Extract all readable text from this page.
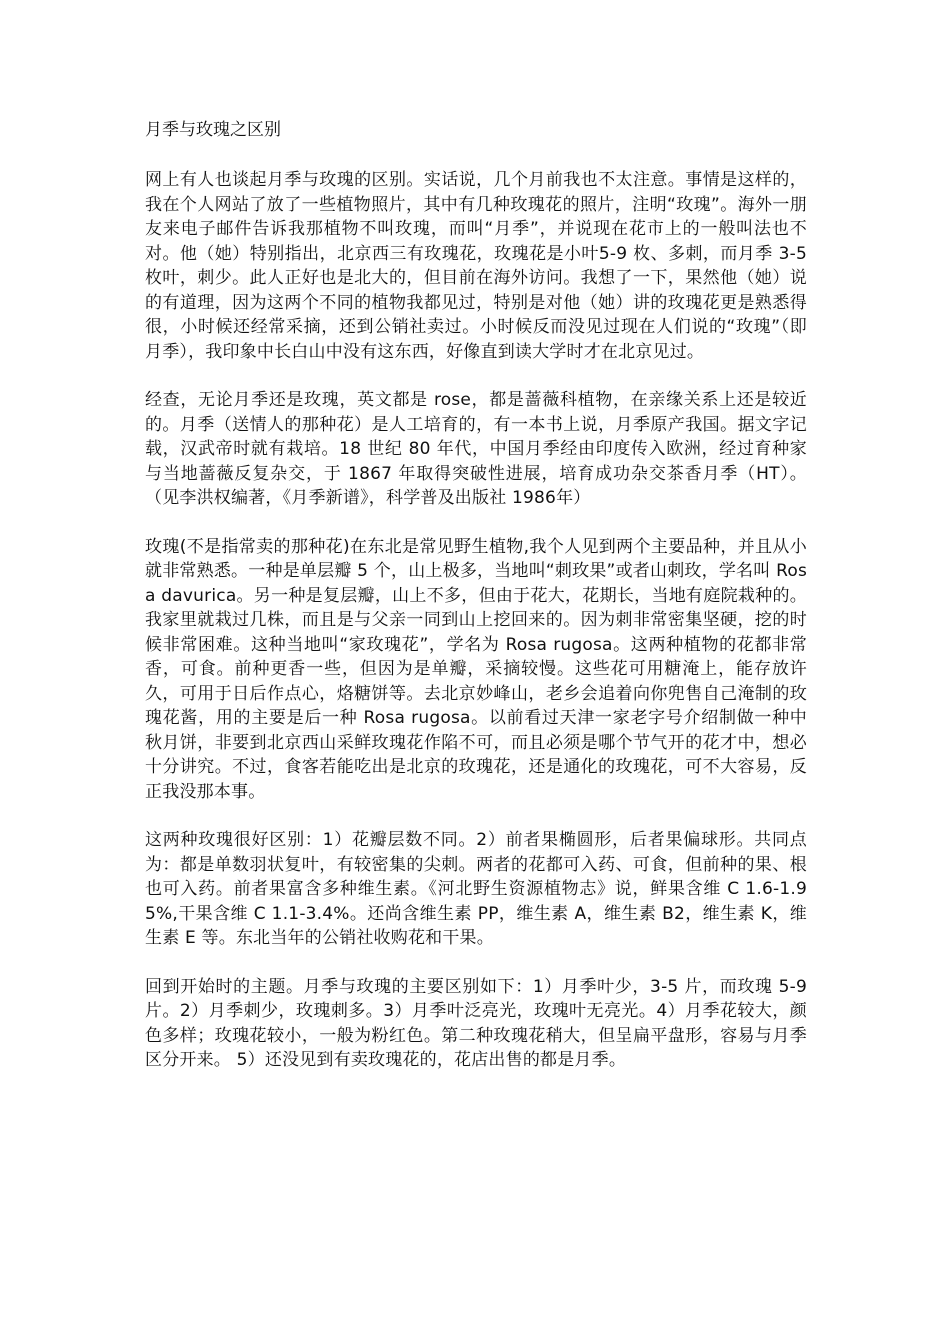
月季与玫瑰之区别

网上有人也谈起月季与玫瑰的区别。实话说，几个月前我也不太注意。事情是这样的，我在个人网站了放了一些植物照片，其中有几种玫瑰花的照片，注明“玫瑰”。海外一朋友来电子邮件告诉我那植物不叫玫瑰，而叫“月季”，并说现在花市上的一般叫法也不对。他（她）特别指出，北京西三有玫瑰花，玫瑰花是小叶5-9 枚、多刺，而月季 3-5 枚叶，刺少。此人正好也是北大的，但目前在海外访问。我想了一下，果然他（她）说的有道理，因为这两个不同的植物我都见过，特别是对他（她）讲的玫瑰花更是熟悉得很，小时候还经常采摘，还到公销社卖过。小时候反而没见过现在人们说的“玫瑰”（即月季），我印象中长白山中没有这东西，好像直到读大学时才在北京见过。

经查，无论月季还是玫瑰，英文都是 rose，都是蔷薇科植物，在亲缘关系上还是较近的。月季（送情人的那种花）是人工培育的，有一本书上说，月季原产我国。据文字记载，汉武帝时就有栽培。18 世纪 80 年代，中国月季经由印度传入欧洲，经过育种家与当地蔷薇反复杂交，于 1867 年取得突破性进展，培育成功杂交茶香月季（HT）。（见李洪权编著，《月季新谱》，科学普及出版社 1986年）

玫瑰(不是指常卖的那种花)在东北是常见野生植物,我个人见到两个主要品种，并且从小就非常熟悉。一种是单层瓣 5 个，山上极多，当地叫“刺玫果”或者山刺玫，学名叫 Rosa davurica。另一种是复层瓣，山上不多，但由于花大，花期长，当地有庭院栽种的。我家里就栽过几株，而且是与父亲一同到山上挖回来的。因为刺非常密集坚硬，挖的时候非常困难。这种当地叫“家玫瑰花”，学名为 Rosa rugosa。这两种植物的花都非常香，可食。前种更香一些，但因为是单瓣，采摘较慢。这些花可用糖淹上，能存放许久，可用于日后作点心，烙糖饼等。去北京妙峰山，老乡会追着向你兜售自己淹制的玫瑰花酱，用的主要是后一种 Rosa rugosa。以前看过天津一家老字号介绍制做一种中秋月饼，非要到北京西山采鲜玫瑰花作陷不可，而且必须是哪个节气开的花才中，想必十分讲究。不过，食客若能吃出是北京的玫瑰花，还是通化的玫瑰花，可不大容易，反正我没那本事。

这两种玫瑰很好区别：1）花瓣层数不同。2）前者果椭圆形，后者果偏球形。共同点为：都是单数羽状复叶，有较密集的尖刺。两者的花都可入药、可食，但前种的果、根也可入药。前者果富含多种维生素。《河北野生资源植物志》说，鲜果含维 C 1.6-1.95%,干果含维 C 1.1-3.4%。还尚含维生素 PP，维生素 A，维生素 B2，维生素 K，维生素 E 等。东北当年的公销社收购花和干果。

回到开始时的主题。月季与玫瑰的主要区别如下：1）月季叶少，3-5 片，而玫瑰 5-9 片。2）月季刺少，玫瑰刺多。3）月季叶泛亮光，玫瑰叶无亮光。4）月季花较大，颜色多样；玫瑰花较小，一般为粉红色。第二种玫瑰花稍大，但呈扁平盘形，容易与月季区分开来。 5）还没见到有卖玫瑰花的，花店出售的都是月季。
